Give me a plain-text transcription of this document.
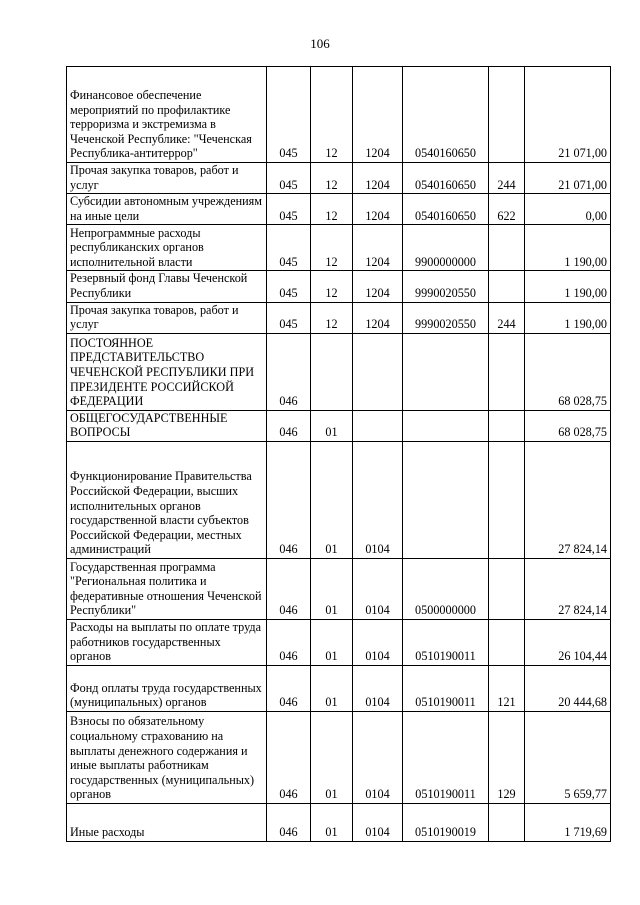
106
Финансовое обеспечение мероприятий по профилактике терроризма и экстремизма в Чеченской Республике: "Чеченская Республика-антитеррор"	045	12	1204	0540160650		21 071,00
Прочая закупка товаров, работ и услуг	045	12	1204	0540160650	244	21 071,00
Субсидии автономным учреждениям на иные цели	045	12	1204	0540160650	622	0,00
Непрограммные расходы республиканских органов исполнительной власти	045	12	1204	9900000000		1 190,00
Резервный фонд Главы Чеченской Республики	045	12	1204	9990020550		1 190,00
Прочая закупка товаров, работ и услуг	045	12	1204	9990020550	244	1 190,00
ПОСТОЯННОЕ ПРЕДСТАВИТЕЛЬСТВО ЧЕЧЕНСКОЙ РЕСПУБЛИКИ ПРИ ПРЕЗИДЕНТЕ РОССИЙСКОЙ ФЕДЕРАЦИИ	046					68 028,75
ОБЩЕГОСУДАРСТВЕННЫЕ ВОПРОСЫ	046	01				68 028,75
Функционирование Правительства Российской Федерации, высших исполнительных органов государственной власти субъектов Российской Федерации, местных администраций	046	01	0104			27 824,14
Государственная программа "Региональная политика и федеративные отношения Чеченской Республики"	046	01	0104	0500000000		27 824,14
Расходы на выплаты по оплате труда работников государственных органов	046	01	0104	0510190011		26 104,44
Фонд оплаты труда государственных (муниципальных) органов	046	01	0104	0510190011	121	20 444,68
Взносы по обязательному социальному страхованию на выплаты денежного содержания и иные выплаты работникам государственных (муниципальных) органов	046	01	0104	0510190011	129	5 659,77
Иные расходы	046	01	0104	0510190019		1 719,69
